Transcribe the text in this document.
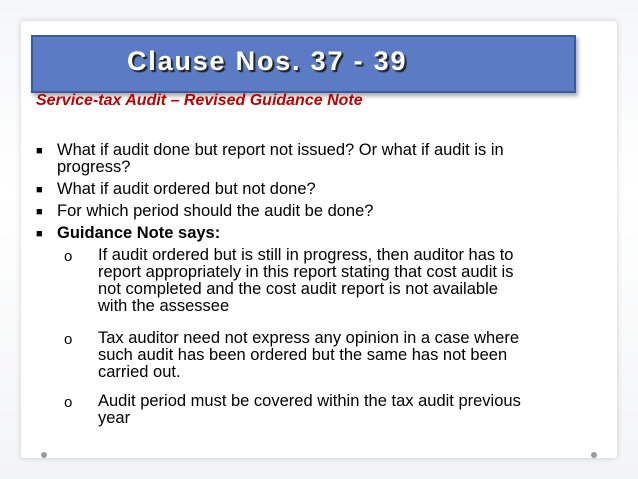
Clause Nos. 37 - 39
Service-tax Audit – Revised Guidance Note
■ What if audit done but report not issued? Or what if audit is in
progress?
■ What if audit ordered but not done?
■ For which period should the audit be done?
■ Guidance Note says:
o If audit ordered but is still in progress, then auditor has to
report appropriately in this report stating that cost audit is
not completed and the cost audit report is not available
with the assessee
o Tax auditor need not express any opinion in a case where
such audit has been ordered but the same has not been
carried out.
o Audit period must be covered within the tax audit previous
year
